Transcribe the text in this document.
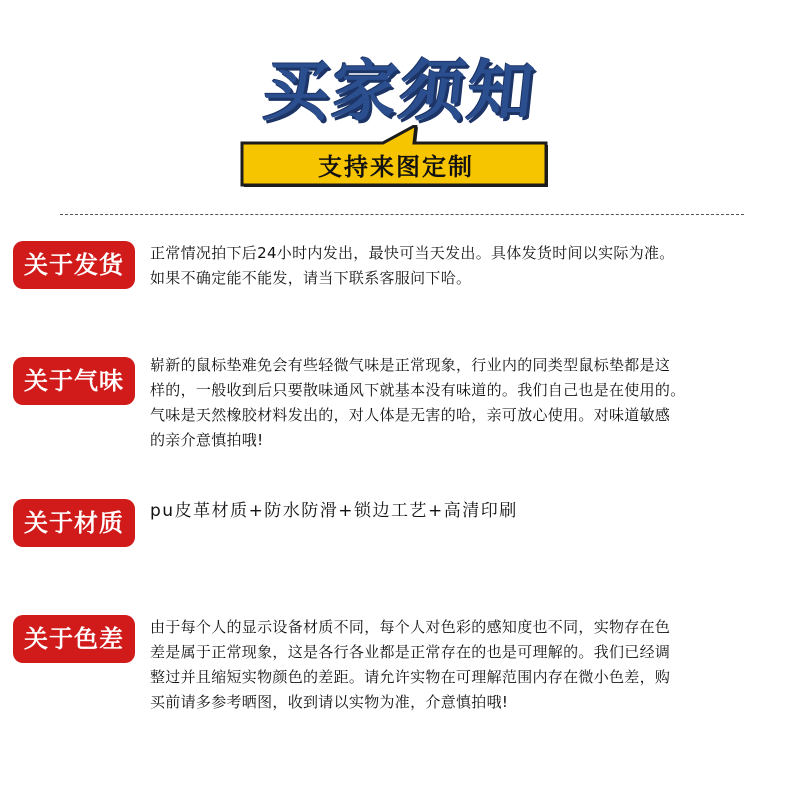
买家须知
支持来图定制
关于发货	正常情况拍下后24小时内发出，最快可当天发出。具体发货时间以实际为准。

如果不确定能不能发，请当下联系客服问下哈。

关于气味

崭新的鼠标垫难免会有些轻微气味是正常现象，行业内的同类型鼠标垫都是这

样的，一般收到后只要散味通风下就基本没有味道的。我们自己也是在使用的。

气味是天然橡胶材料发出的，对人体是无害的哈，亲可放心使用。对味道敏感

的亲介意慎拍哦!

关于材质	pu皮革材质+防水防滑+锁边工艺+高清印刷

关于色差	由于每个人的显示设备材质不同，每个人对色彩的感知度也不同，实物存在色

差是属于正常现象，这是各行各业都是正常存在的也是可理解的。我们已经调

整过并且缩短实物颜色的差距。请允许实物在可理解范围内存在微小色差，购

买前请多参考晒图，收到请以实物为准，介意慎拍哦!
